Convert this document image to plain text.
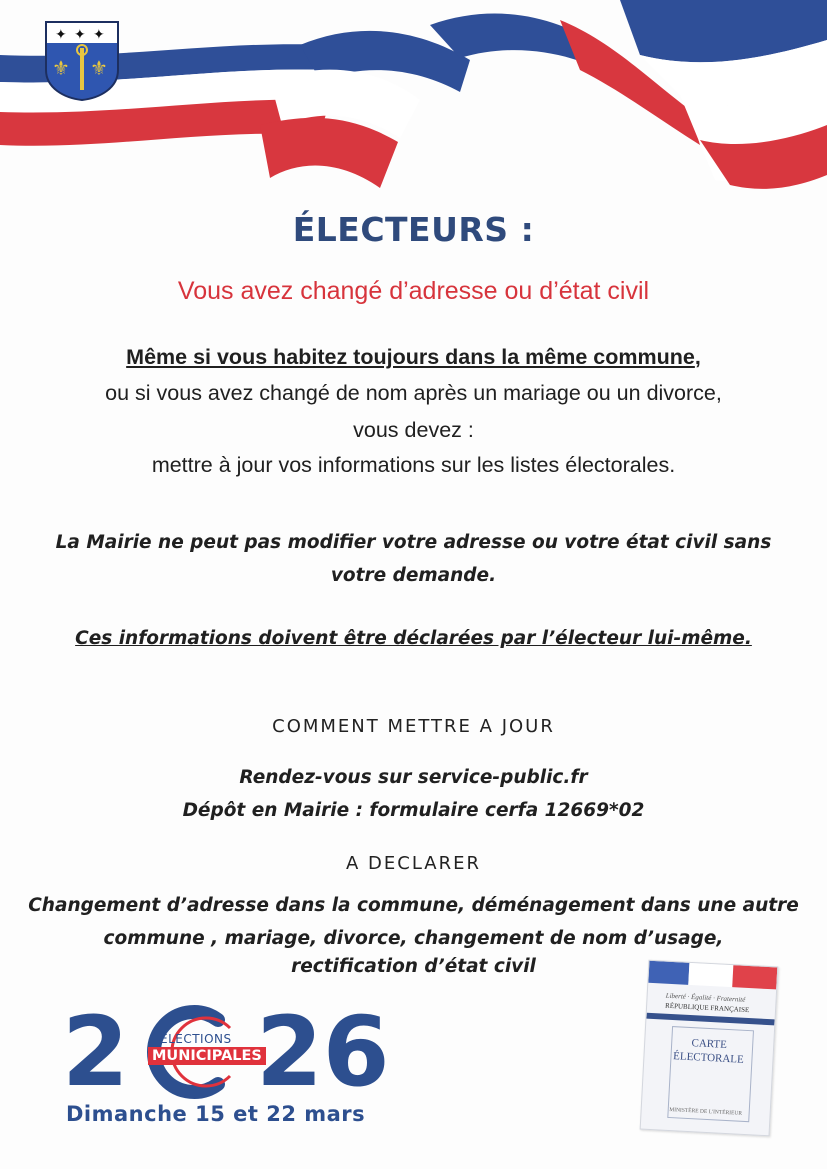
✦ ✦ ✦
⚜ ⚜
ÉLECTEURS :
Vous avez changé d’adresse ou d’état civil
Même si vous habitez toujours dans la même commune,
ou si vous avez changé de nom après un mariage ou un divorce,
vous devez :
mettre à jour vos informations sur les listes électorales.
La Mairie ne peut pas modifier votre adresse ou votre état civil sans
votre demande.
Ces informations doivent être déclarées par l’électeur lui-même.
COMMENT METTRE A JOUR
Rendez-vous sur service-public.fr
Dépôt en Mairie : formulaire cerfa 12669*02
A DECLARER
Changement d’adresse dans la commune, déménagement dans une autre
commune , mariage, divorce, changement de nom d’usage,
rectification d’état civil
2	ÉLECTIONS
MUNICIPALES
26
Dimanche 15 et 22 mars
Liberté · Égalité · Fraternité
RÉPUBLIQUE FRANÇAISE
CARTE
ÉLECTORALE
MINISTÈRE DE L'INTÉRIEUR
